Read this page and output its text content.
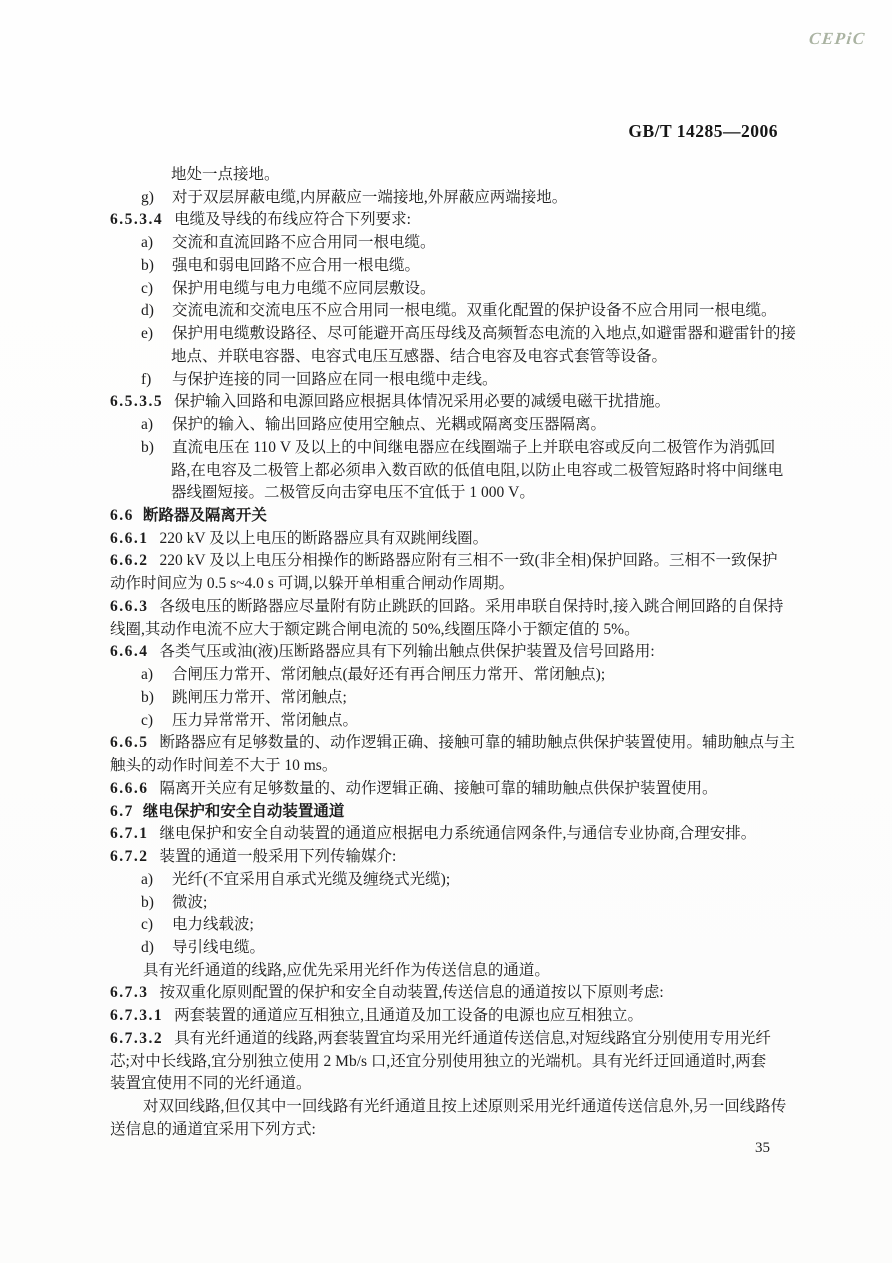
CEPiC
GB/T 14285—2006
地处一点接地。
g) 对于双层屏蔽电缆,内屏蔽应一端接地,外屏蔽应两端接地。
6.5.3.4 电缆及导线的布线应符合下列要求:
a) 交流和直流回路不应合用同一根电缆。
b) 强电和弱电回路不应合用一根电缆。
c) 保护用电缆与电力电缆不应同层敷设。
d) 交流电流和交流电压不应合用同一根电缆。双重化配置的保护设备不应合用同一根电缆。
e) 保护用电缆敷设路径、尽可能避开高压母线及高频暂态电流的入地点,如避雷器和避雷针的接
地点、并联电容器、电容式电压互感器、结合电容及电容式套管等设备。
f) 与保护连接的同一回路应在同一根电缆中走线。
6.5.3.5 保护输入回路和电源回路应根据具体情况采用必要的减缓电磁干扰措施。
a) 保护的输入、输出回路应使用空触点、光耦或隔离变压器隔离。
b) 直流电压在 110 V 及以上的中间继电器应在线圈端子上并联电容或反向二极管作为消弧回
路,在电容及二极管上都必须串入数百欧的低值电阻,以防止电容或二极管短路时将中间继电
器线圈短接。二极管反向击穿电压不宜低于 1 000 V。
6.6 断路器及隔离开关
6.6.1 220 kV 及以上电压的断路器应具有双跳闸线圈。
6.6.2 220 kV 及以上电压分相操作的断路器应附有三相不一致(非全相)保护回路。三相不一致保护
动作时间应为 0.5 s~4.0 s 可调,以躲开单相重合闸动作周期。
6.6.3 各级电压的断路器应尽量附有防止跳跃的回路。采用串联自保持时,接入跳合闸回路的自保持
线圈,其动作电流不应大于额定跳合闸电流的 50%,线圈压降小于额定值的 5%。
6.6.4 各类气压或油(液)压断路器应具有下列输出触点供保护装置及信号回路用:
a) 合闸压力常开、常闭触点(最好还有再合闸压力常开、常闭触点);
b) 跳闸压力常开、常闭触点;
c) 压力异常常开、常闭触点。
6.6.5 断路器应有足够数量的、动作逻辑正确、接触可靠的辅助触点供保护装置使用。辅助触点与主
触头的动作时间差不大于 10 ms。
6.6.6 隔离开关应有足够数量的、动作逻辑正确、接触可靠的辅助触点供保护装置使用。
6.7 继电保护和安全自动装置通道
6.7.1 继电保护和安全自动装置的通道应根据电力系统通信网条件,与通信专业协商,合理安排。
6.7.2 装置的通道一般采用下列传输媒介:
a) 光纤(不宜采用自承式光缆及缠绕式光缆);
b) 微波;
c) 电力线载波;
d) 导引线电缆。
具有光纤通道的线路,应优先采用光纤作为传送信息的通道。
6.7.3 按双重化原则配置的保护和安全自动装置,传送信息的通道按以下原则考虑:
6.7.3.1 两套装置的通道应互相独立,且通道及加工设备的电源也应互相独立。
6.7.3.2 具有光纤通道的线路,两套装置宜均采用光纤通道传送信息,对短线路宜分别使用专用光纤
芯;对中长线路,宜分别独立使用 2 Mb/s 口,还宜分别使用独立的光端机。具有光纤迂回通道时,两套
装置宜使用不同的光纤通道。
对双回线路,但仅其中一回线路有光纤通道且按上述原则采用光纤通道传送信息外,另一回线路传
送信息的通道宜采用下列方式:
35
